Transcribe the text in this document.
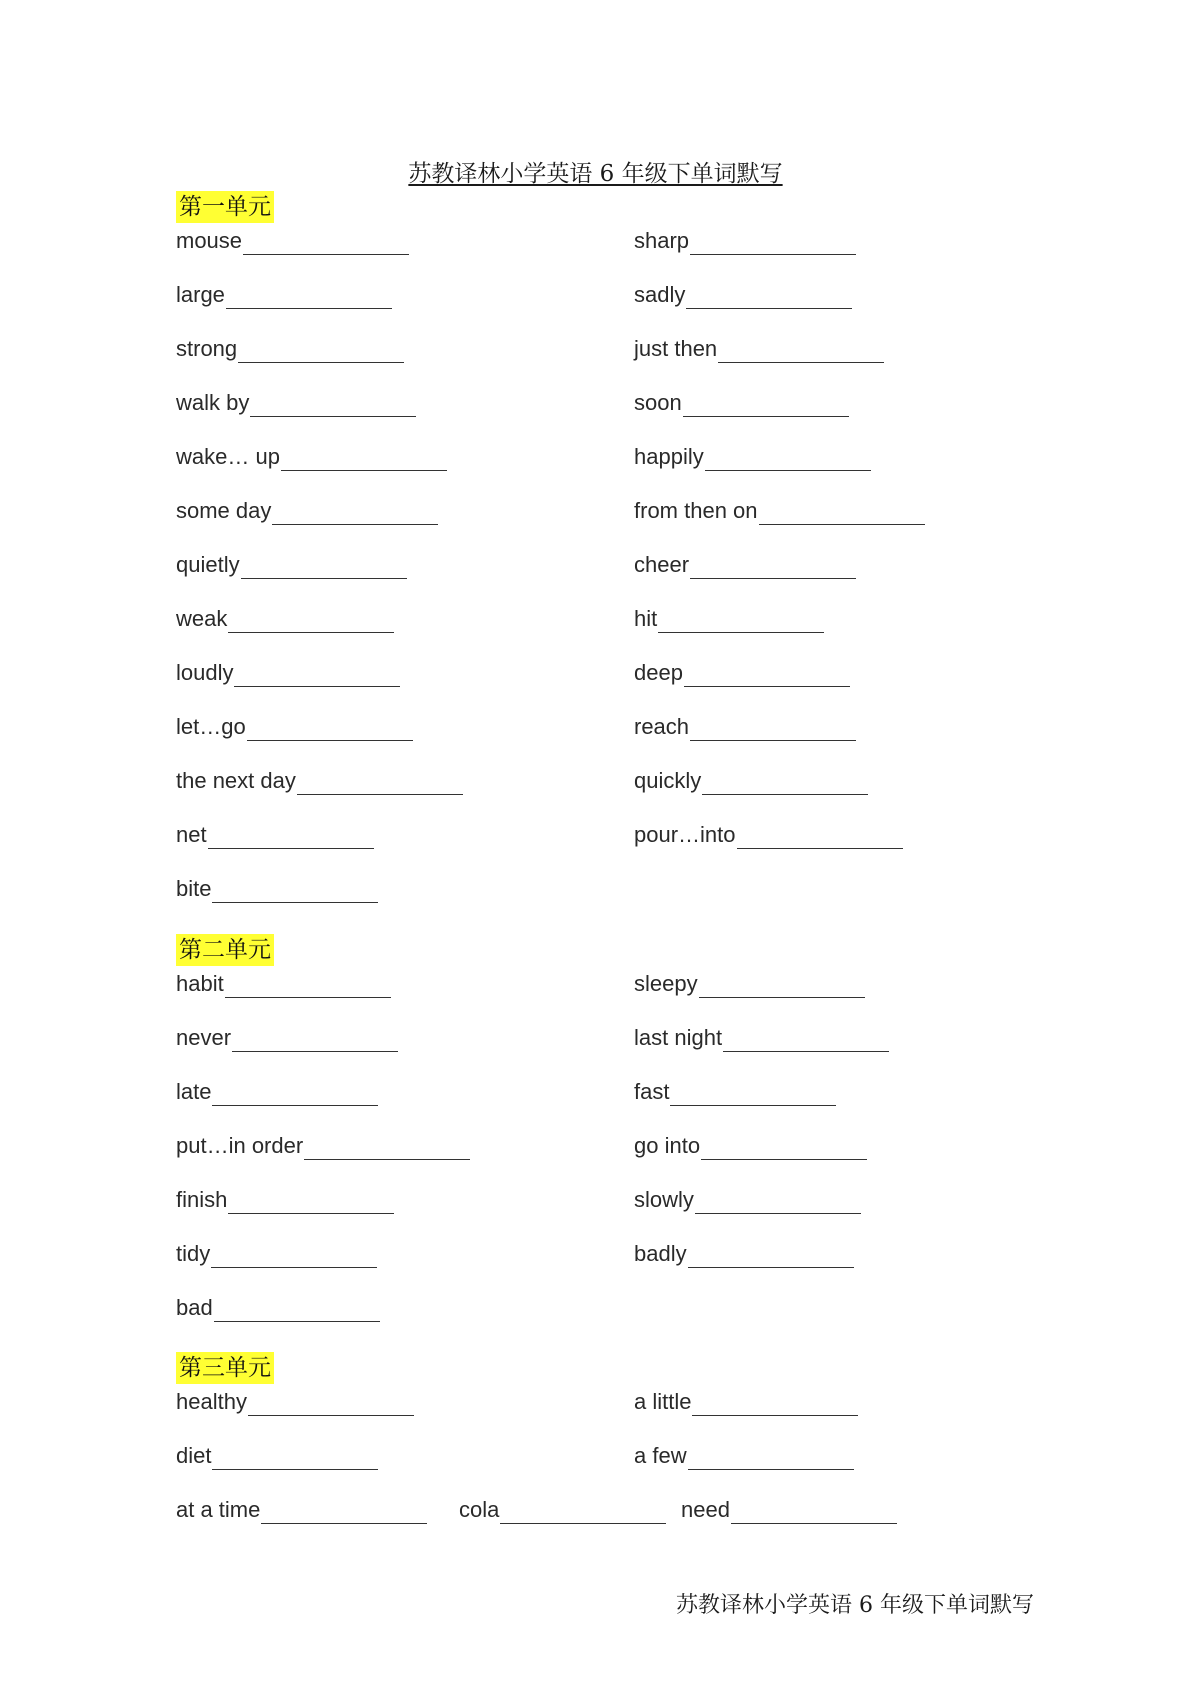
苏教译林小学英语 6 年级下单词默写
第一单元
mouse
large
strong
walk by
wake… up
some day
quietly
weak
loudly
let…go
the next day
net
bite
sharp
sadly
just then
soon
happily
from then on
cheer
hit
deep
reach
quickly
pour…into
第二单元
habit
never
late
put…in order
finish
tidy
bad
sleepy
last night
fast
go into
slowly
badly
第三单元
healthy
diet
a little
a few
at a time	cola	need
苏教译林小学英语 6 年级下单词默写
